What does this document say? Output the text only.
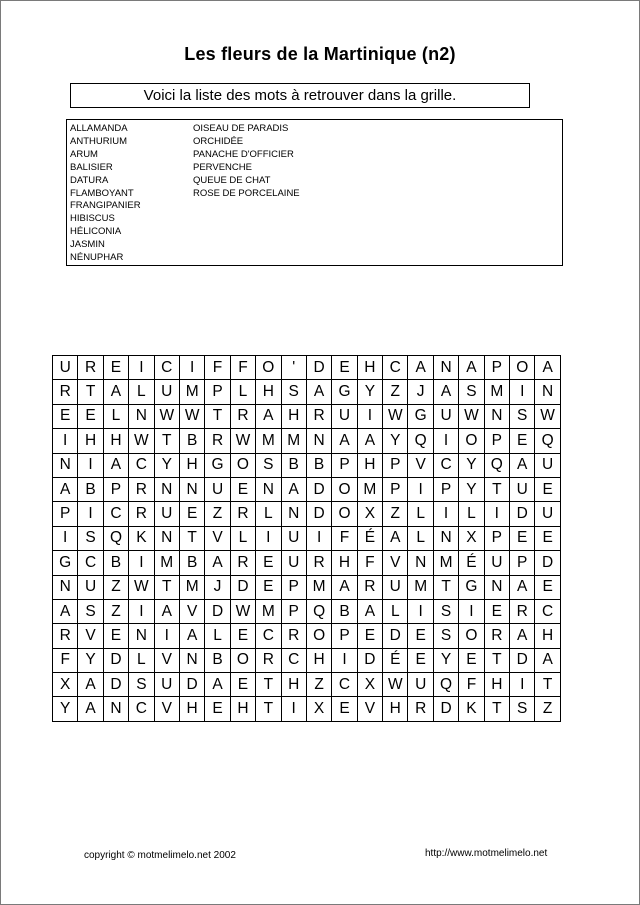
Les fleurs de la Martinique (n2)
Voici la liste des mots à retrouver dans la grille.
ALLAMANDA
ANTHURIUM
ARUM
BALISIER
DATURA
FLAMBOYANT
FRANGIPANIER
HIBISCUS
HÉLICONIA
JASMIN
NÉNUPHAR
OISEAU DE PARADIS
ORCHIDÉE
PANACHE D'OFFICIER
PERVENCHE
QUEUE DE CHAT
ROSE DE PORCELAINE
U	R	E	I	C	I	F	F	O	'	D	E	H	C	A	N	A	P	O	A
R	T	A	L	U	M	P	L	H	S	A	G	Y	Z	J	A	S	M	I	N
E	E	L	N	W	W	T	R	A	H	R	U	I	W	G	U	W	N	S	W
I	H	H	W	T	B	R	W	M	M	N	A	A	Y	Q	I	O	P	E	Q
N	I	A	C	Y	H	G	O	S	B	B	P	H	P	V	C	Y	Q	A	U
A	B	P	R	N	N	U	E	N	A	D	O	M	P	I	P	Y	T	U	E
P	I	C	R	U	E	Z	R	L	N	D	O	X	Z	L	I	L	I	D	U
I	S	Q	K	N	T	V	L	I	U	I	F	É	A	L	N	X	P	E	E
G	C	B	I	M	B	A	R	E	U	R	H	F	V	N	M	É	U	P	D
N	U	Z	W	T	M	J	D	E	P	M	A	R	U	M	T	G	N	A	E
A	S	Z	I	A	V	D	W	M	P	Q	B	A	L	I	S	I	E	R	C
R	V	E	N	I	A	L	E	C	R	O	P	E	D	E	S	O	R	A	H
F	Y	D	L	V	N	B	O	R	C	H	I	D	É	E	Y	E	T	D	A
X	A	D	S	U	D	A	E	T	H	Z	C	X	W	U	Q	F	H	I	T
Y	A	N	C	V	H	E	H	T	I	X	E	V	H	R	D	K	T	S	Z
copyright © motmelimelo.net 2002	http://www.motmelimelo.net
